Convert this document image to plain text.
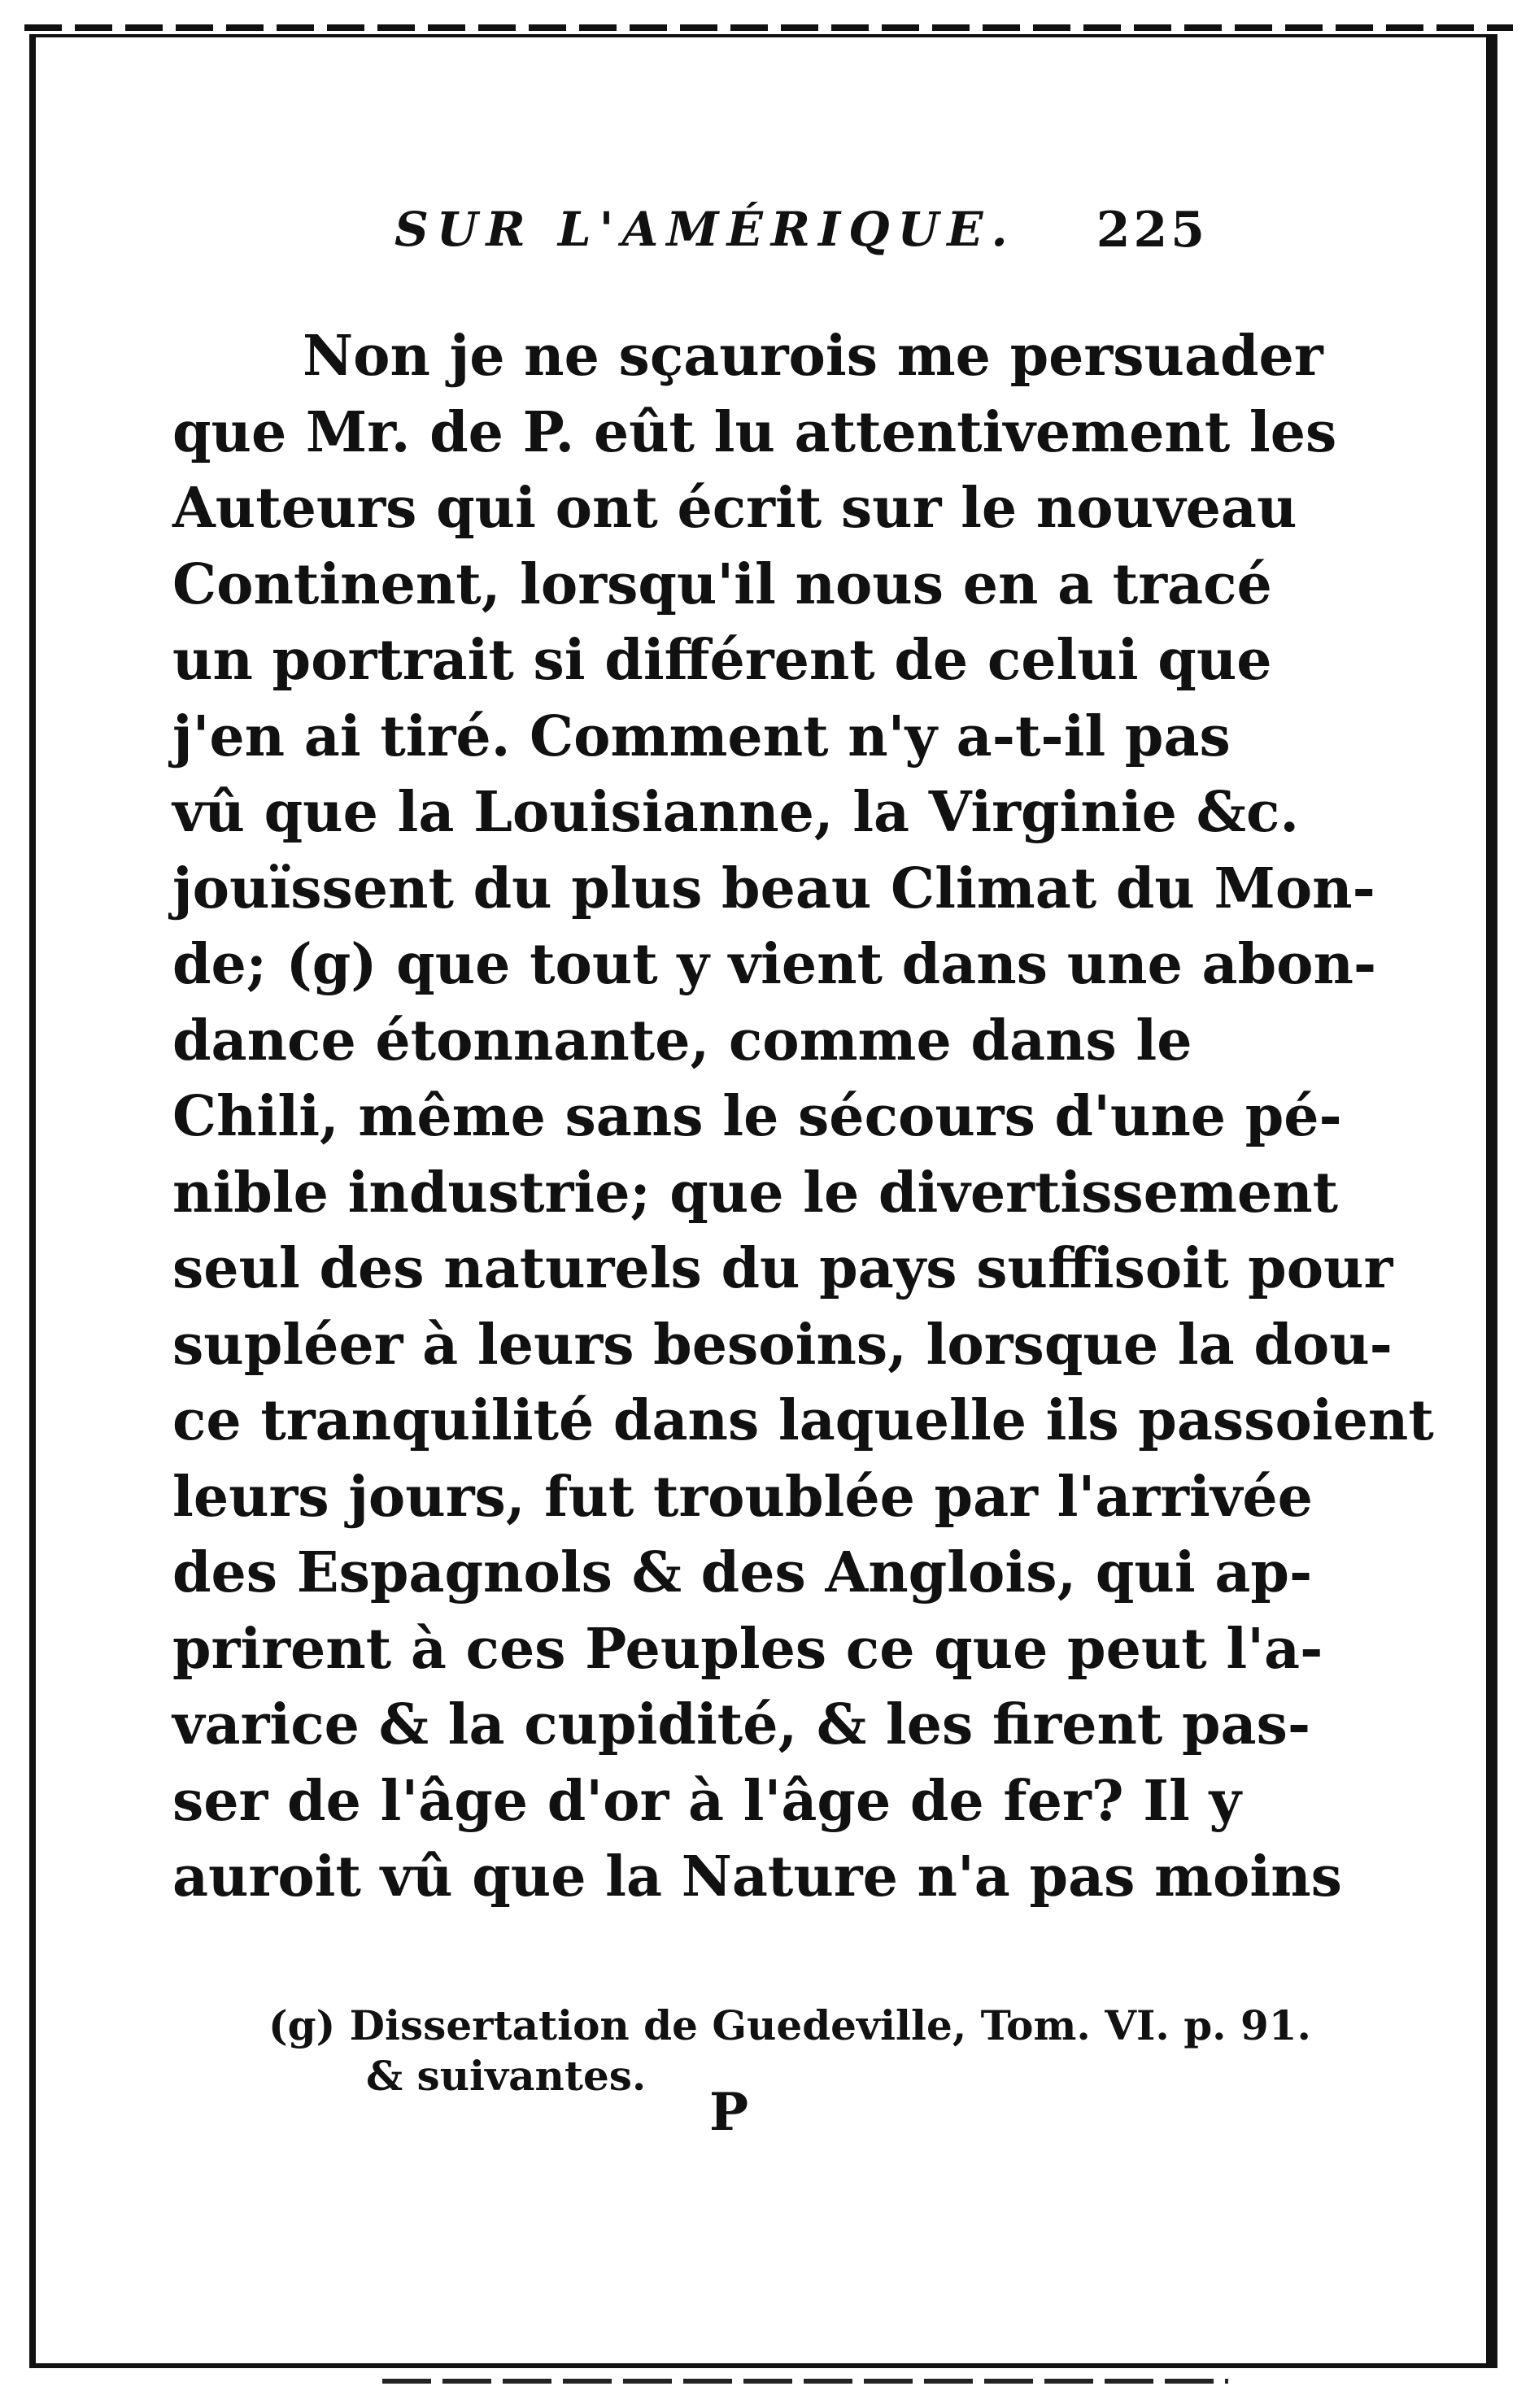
SUR L'AMÉRIQUE. 225
Non je ne sçaurois me persuader
que Mr. de P. eût lu attentivement les
Auteurs qui ont écrit sur le nouveau
Continent, lorsqu'il nous en a tracé
un portrait si différent de celui que
j'en ai tiré. Comment n'y a-t-il pas
vû que la Louisianne, la Virginie &c.
jouïssent du plus beau Climat du Mon-
de; (g) que tout y vient dans une abon-
dance étonnante, comme dans le
Chili, même sans le sécours d'une pé-
nible industrie; que le divertissement
seul des naturels du pays suffisoit pour
supléer à leurs besoins, lorsque la dou-
ce tranquilité dans laquelle ils passoient
leurs jours, fut troublée par l'arrivée
des Espagnols & des Anglois, qui ap-
prirent à ces Peuples ce que peut l'a-
varice & la cupidité, & les firent pas-
ser de l'âge d'or à l'âge de fer? Il y
auroit vû que la Nature n'a pas moins
(g) Dissertation de Guedeville, Tom. VI. p. 91.
& suivantes.
P
